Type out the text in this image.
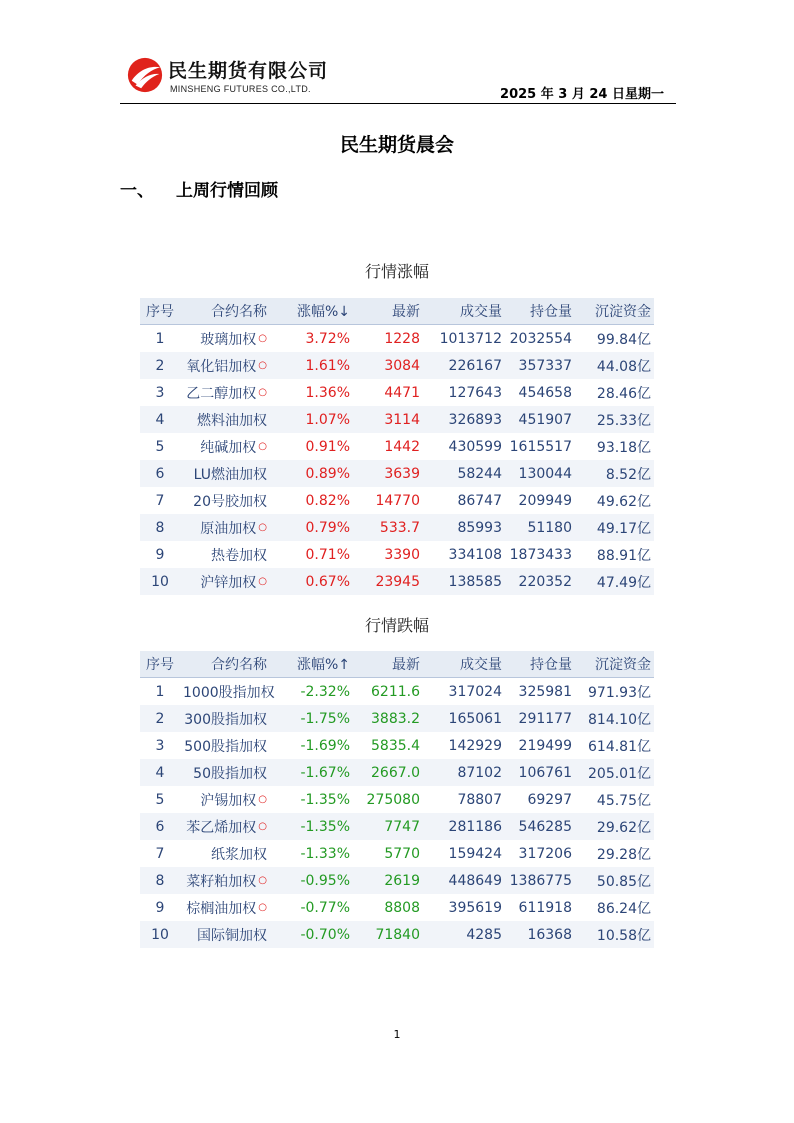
民生期货有限公司
MINSHENG FUTURES CO.,LTD.	2025 年 3 月 24 日星期一
民生期货晨会
一、 上周行情回顾
行情涨幅
序号	合约名称	涨幅%↓	最新	成交量	持仓量	沉淀资金
1	玻璃加权 ○	3.72%	1228	1013712	2032554	99.84亿
2	氧化铝加权 ○	1.61%	3084	226167	357337	44.08亿
3	乙二醇加权 ○	1.36%	4471	127643	454658	28.46亿
4	燃料油加权	1.07%	3114	326893	451907	25.33亿
5	纯碱加权 ○	0.91%	1442	430599	1615517	93.18亿
6	LU燃油加权	0.89%	3639	58244	130044	8.52亿
7	20号胶加权	0.82%	14770	86747	209949	49.62亿
8	原油加权 ○	0.79%	533.7	85993	51180	49.17亿
9	热卷加权	0.71%	3390	334108	1873433	88.91亿
10	沪锌加权 ○	0.67%	23945	138585	220352	47.49亿
行情跌幅
序号	合约名称	涨幅%↑	最新	成交量	持仓量	沉淀资金
1	1000股指加权	-2.32%	6211.6	317024	325981	971.93亿
2	300股指加权	-1.75%	3883.2	165061	291177	814.10亿
3	500股指加权	-1.69%	5835.4	142929	219499	614.81亿
4	50股指加权	-1.67%	2667.0	87102	106761	205.01亿
5	沪锡加权 ○	-1.35%	275080	78807	69297	45.75亿
6	苯乙烯加权 ○	-1.35%	7747	281186	546285	29.62亿
7	纸浆加权	-1.33%	5770	159424	317206	29.28亿
8	菜籽粕加权 ○	-0.95%	2619	448649	1386775	50.85亿
9	棕榈油加权 ○	-0.77%	8808	395619	611918	86.24亿
10	国际铜加权	-0.70%	71840	4285	16368	10.58亿
1
